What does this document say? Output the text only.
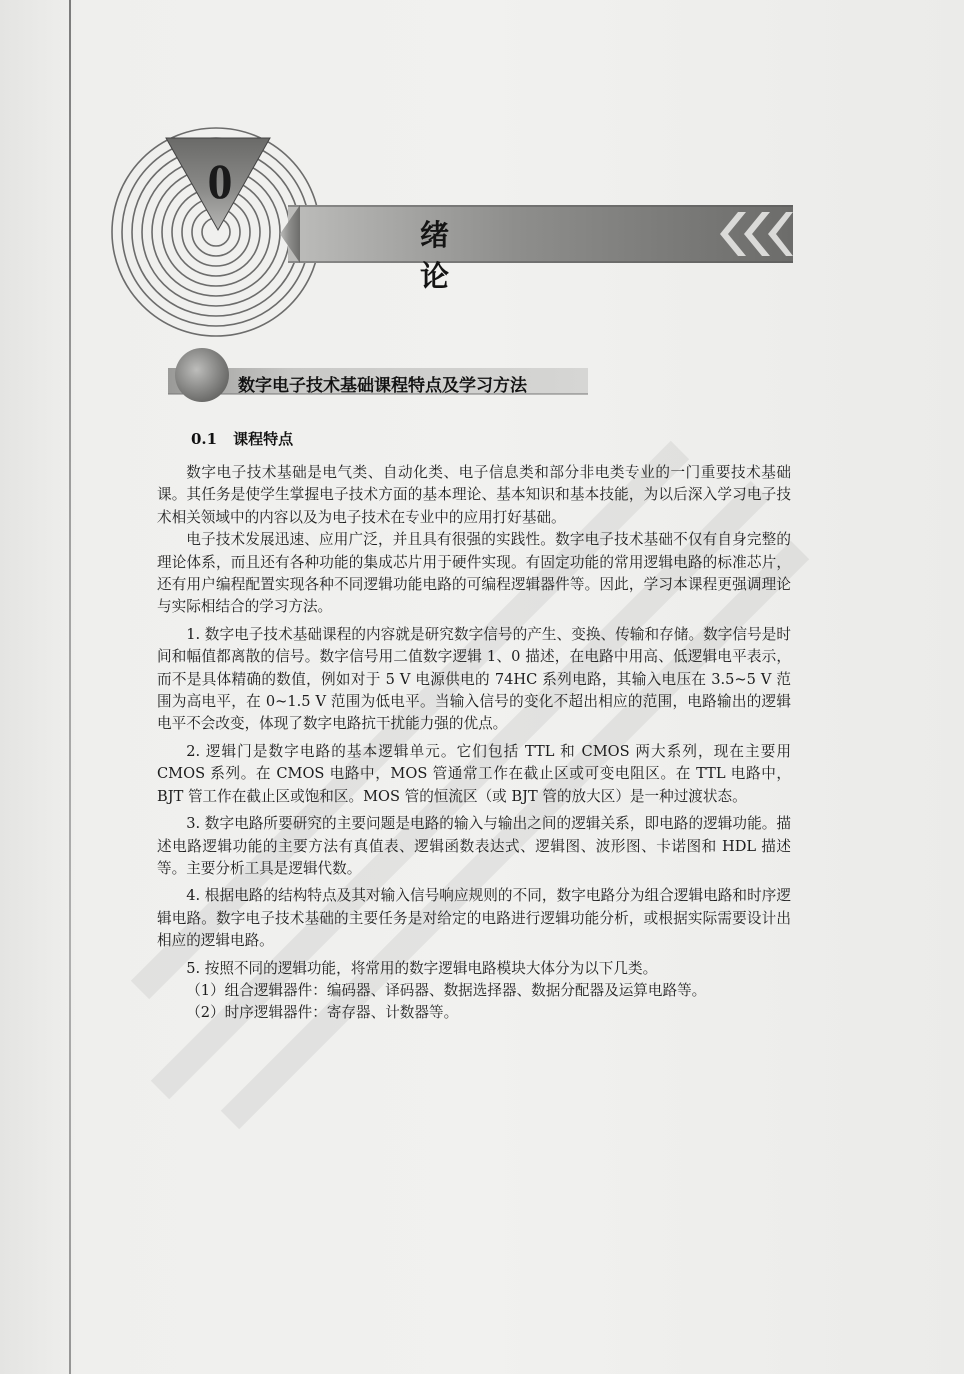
0
绪论
数字电子技术基础课程特点及学习方法
0.1 课程特点

数字电子技术基础是电气类、自动化类、电子信息类和部分非电类专业的一门重要技术基础课。其任务是使学生掌握电子技术方面的基本理论、基本知识和基本技能，为以后深入学习电子技术相关领域中的内容以及为电子技术在专业中的应用打好基础。

电子技术发展迅速、应用广泛，并且具有很强的实践性。数字电子技术基础不仅有自身完整的理论体系，而且还有各种功能的集成芯片用于硬件实现。有固定功能的常用逻辑电路的标准芯片，还有用户编程配置实现各种不同逻辑功能电路的可编程逻辑器件等。因此，学习本课程更强调理论与实际相结合的学习方法。

1. 数字电子技术基础课程的内容就是研究数字信号的产生、变换、传输和存储。数字信号是时间和幅值都离散的信号。数字信号用二值数字逻辑 1、0 描述，在电路中用高、低逻辑电平表示，而不是具体精确的数值，例如对于 5 V 电源供电的 74HC 系列电路，其输入电压在 3.5~5 V 范围为高电平，在 0~1.5 V 范围为低电平。当输入信号的变化不超出相应的范围，电路输出的逻辑电平不会改变，体现了数字电路抗干扰能力强的优点。

2. 逻辑门是数字电路的基本逻辑单元。它们包括 TTL 和 CMOS 两大系列，现在主要用 CMOS 系列。在 CMOS 电路中，MOS 管通常工作在截止区或可变电阻区。在 TTL 电路中，BJT 管工作在截止区或饱和区。MOS 管的恒流区（或 BJT 管的放大区）是一种过渡状态。

3. 数字电路所要研究的主要问题是电路的输入与输出之间的逻辑关系，即电路的逻辑功能。描述电路逻辑功能的主要方法有真值表、逻辑函数表达式、逻辑图、波形图、卡诺图和 HDL 描述等。主要分析工具是逻辑代数。

4. 根据电路的结构特点及其对输入信号响应规则的不同，数字电路分为组合逻辑电路和时序逻辑电路。数字电子技术基础的主要任务是对给定的电路进行逻辑功能分析，或根据实际需要设计出相应的逻辑电路。

5. 按照不同的逻辑功能，将常用的数字逻辑电路模块大体分为以下几类。

（1）组合逻辑器件：编码器、译码器、数据选择器、数据分配器及运算电路等。

（2）时序逻辑器件：寄存器、计数器等。
